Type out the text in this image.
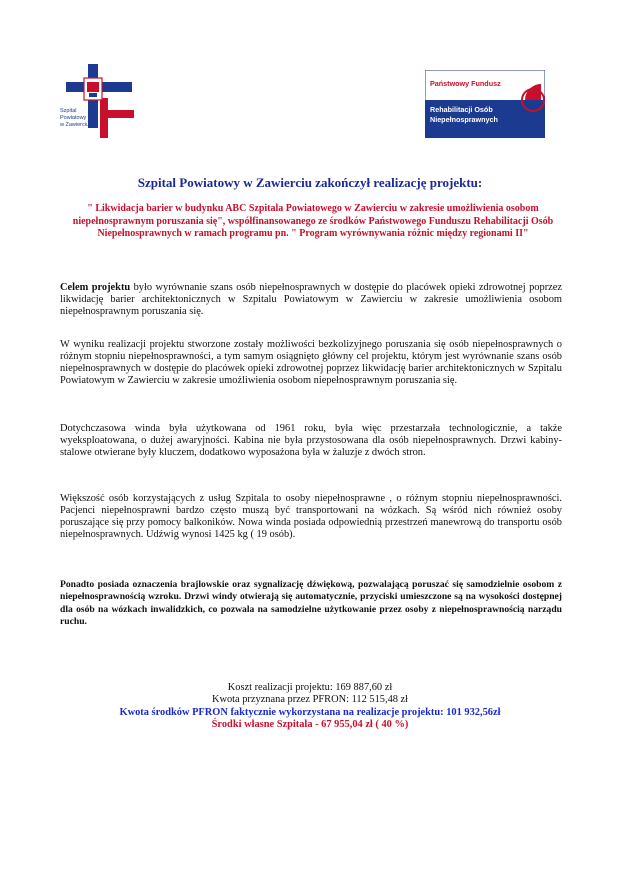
Szpital
Powiatowy
w Zawierciu
Państwowy Fundusz
Rehabilitacji Osób
Niepełnosprawnych
Szpital Powiatowy w Zawierciu zakończył realizację projektu:
" Likwidacja barier w budynku ABC Szpitala Powiatowego w Zawierciu w zakresie umożliwienia osobom niepełnosprawnym poruszania się", współfinansowanego ze środków Państwowego Funduszu Rehabilitacji Osób Niepełnosprawnych w ramach programu pn. " Program wyrównywania różnic między regionami II"

Celem projektu było wyrównanie szans osób niepełnosprawnych w dostępie do placówek opieki zdrowotnej poprzez likwidację barier architektonicznych w Szpitalu Powiatowym w Zawierciu w zakresie umożliwienia osobom niepełnosprawnym poruszania się.

W wyniku realizacji projektu stworzone zostały możliwości bezkolizyjnego poruszania się osób niepełnosprawnych o różnym stopniu niepełnosprawności, a tym samym osiągnięto główny cel projektu, którym jest wyrównanie szans osób niepełnosprawnych w dostępie do placówek opieki zdrowotnej poprzez likwidację barier architektonicznych w Szpitalu Powiatowym w Zawierciu w zakresie umożliwienia osobom niepełnosprawnym poruszania się.

Dotychczasowa winda była użytkowana od 1961 roku, była więc przestarzała technologicznie, a także wyeksploatowana, o dużej awaryjności. Kabina nie była przystosowana dla osób niepełnosprawnych. Drzwi kabiny- stalowe otwierane były kluczem, dodatkowo wyposażona była w żaluzje z dwóch stron.

Większość osób korzystających z usług Szpitala to osoby niepełnosprawne , o różnym stopniu niepełnosprawności. Pacjenci niepełnosprawni bardzo często muszą być transportowani na wózkach. Są wśród nich również osoby poruszające się przy pomocy balkoników. Nowa winda posiada odpowiednią przestrzeń manewrową do transportu osób niepełnosprawnych. Udźwig wynosi 1425 kg ( 19 osób).

Ponadto posiada oznaczenia brajlowskie oraz sygnalizację dźwiękową, pozwalającą poruszać się samodzielnie osobom z niepełnosprawnością wzroku. Drzwi windy otwierają się automatycznie, przyciski umieszczone są na wysokości dostępnej dla osób na wózkach inwalidzkich, co pozwala na samodzielne użytkowanie przez osoby z niepełnosprawnością narządu ruchu.

Koszt realizacji projektu: 169 887,60 zł
Kwota przyznana przez PFRON: 112 515,48 zł
Kwota środków PFRON faktycznie wykorzystana na realizacje projektu: 101 932,56zł
Środki własne Szpitala - 67 955,04 zł ( 40 %)
